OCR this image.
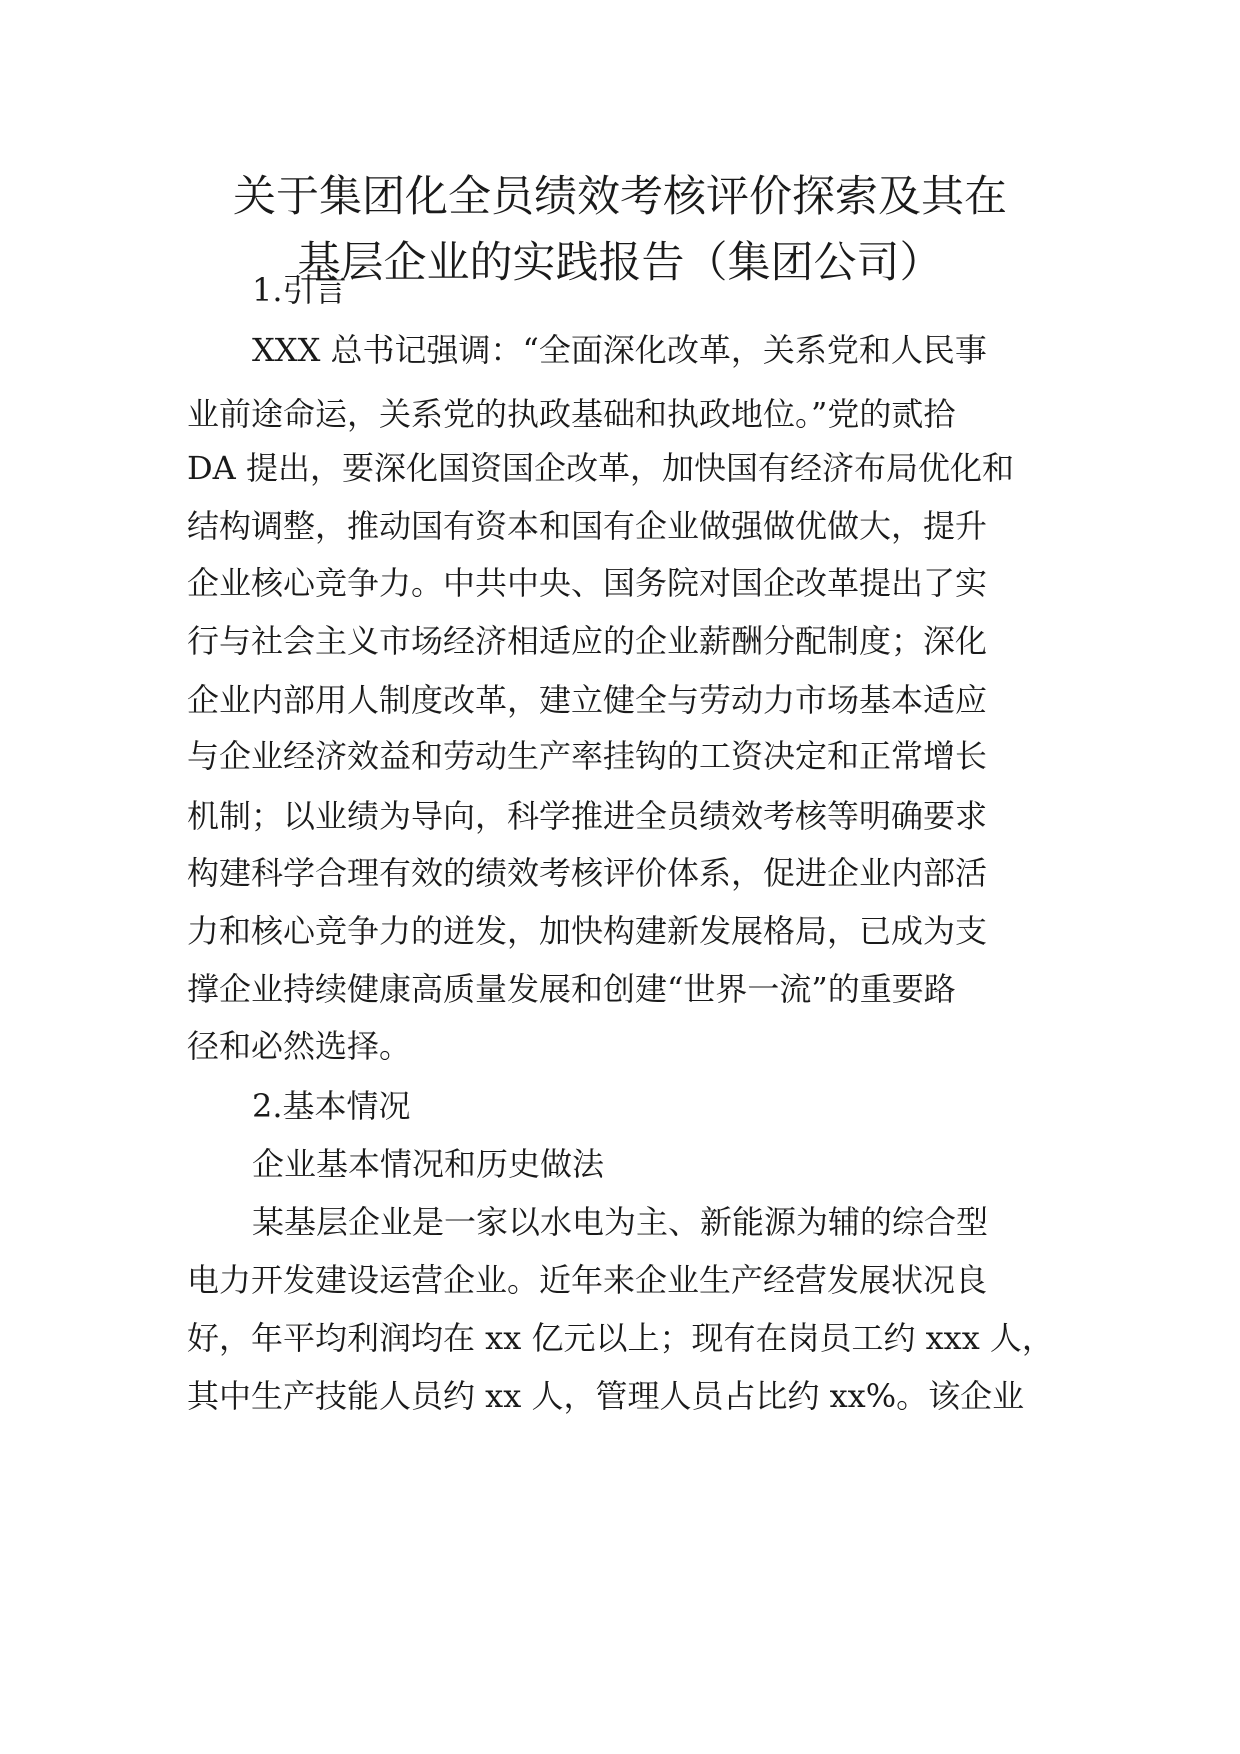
关于集团化全员绩效考核评价探索及其在
基层企业的实践报告（集团公司）

1.引言

XXX 总书记强调：“全面深化改革，关系党和人民事

业前途命运，关系党的执政基础和执政地位。”党的贰拾

DA 提出，要深化国资国企改革，加快国有经济布局优化和

结构调整，推动国有资本和国有企业做强做优做大，提升

企业核心竞争力。中共中央、国务院对国企改革提出了实

行与社会主义市场经济相适应的企业薪酬分配制度；深化

企业内部用人制度改革，建立健全与劳动力市场基本适应

与企业经济效益和劳动生产率挂钩的工资决定和正常增长

机制；以业绩为导向，科学推进全员绩效考核等明确要求

构建科学合理有效的绩效考核评价体系，促进企业内部活

力和核心竞争力的迸发，加快构建新发展格局，已成为支

撑企业持续健康高质量发展和创建“世界一流”的重要路

径和必然选择。

2.基本情况

企业基本情况和历史做法

某基层企业是一家以水电为主、新能源为辅的综合型

电力开发建设运营企业。近年来企业生产经营发展状况良

好，年平均利润均在 xx 亿元以上；现有在岗员工约 xxx 人，

其中生产技能人员约 xx 人，管理人员占比约 xx%。该企业
